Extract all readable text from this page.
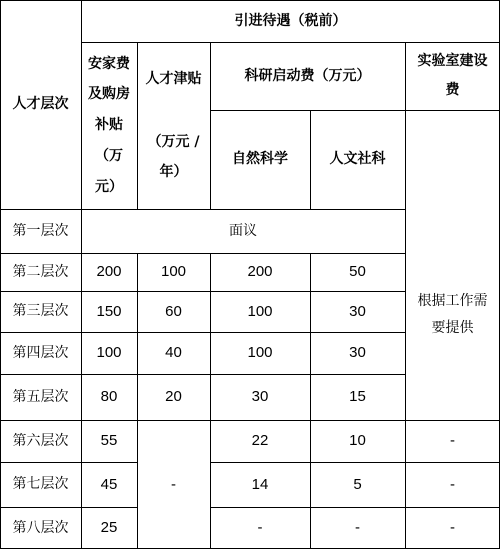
人才层次
引进待遇（税前）
安家费
及购房
补贴
（万
元）
人才津贴
（万元 /
年）
科研启动费（万元）
自然科学	人文社科
实验室建设
费
第一层次
第二层次
第三层次
第四层次
第五层次
第六层次
第七层次
第八层次
面议
200
150
100
80
55
45
25
100
60
40
20
-
200
100
100
30
22
14
-
50
30
30
15
10
5
-
根据工作需
要提供
-
-
-
